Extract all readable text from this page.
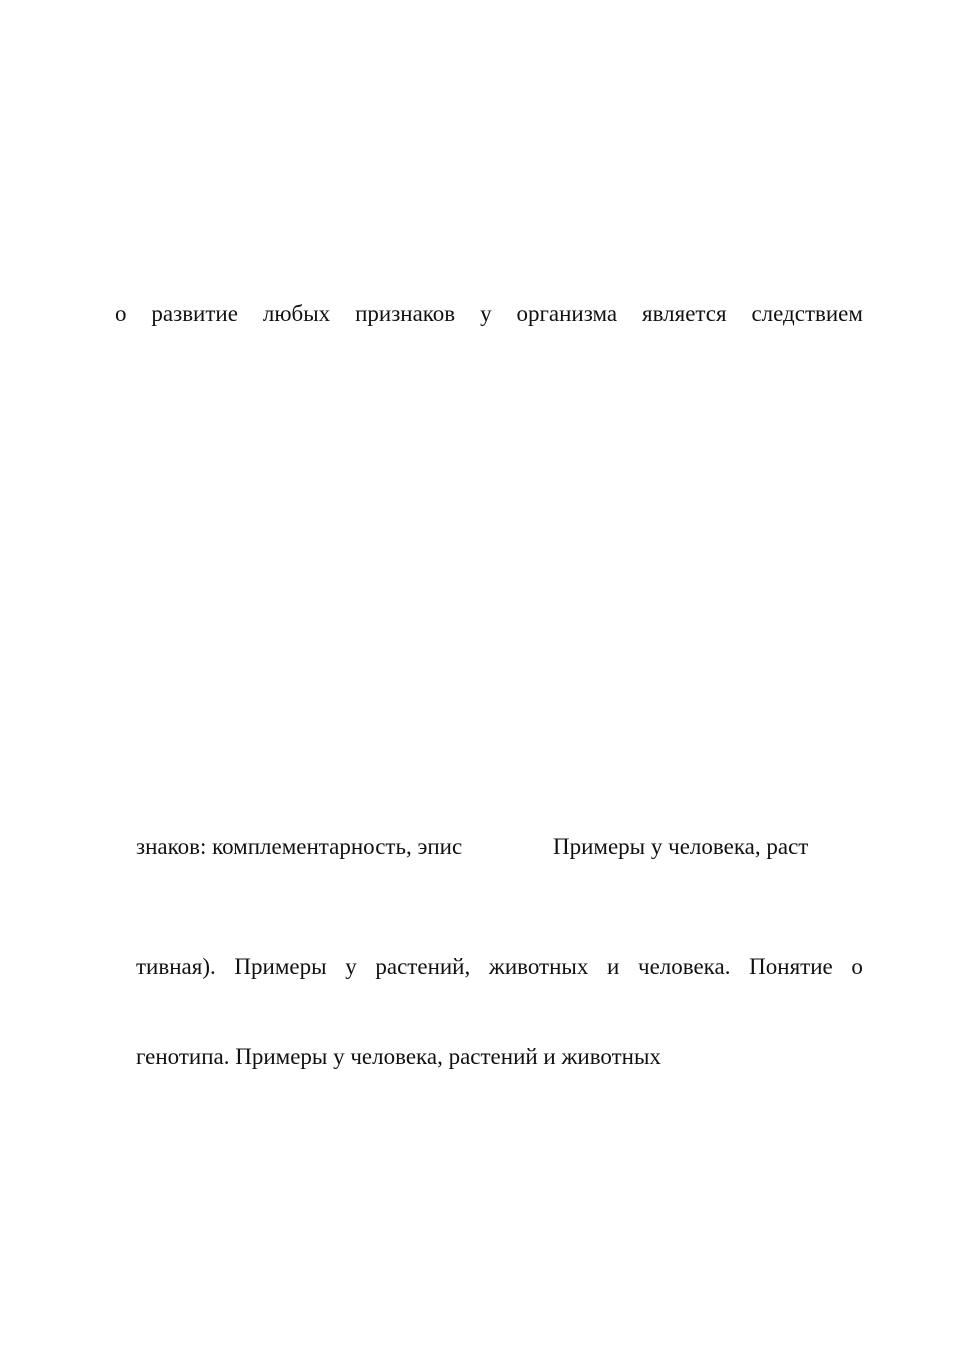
о развитие любых признаков у организма является следствием
знаков: комплементарность, эпис	Примеры у человека, раст
тивная). Примеры у растений, животных и человека. Понятие о
генотипа. Примеры у человека, растений и животных
